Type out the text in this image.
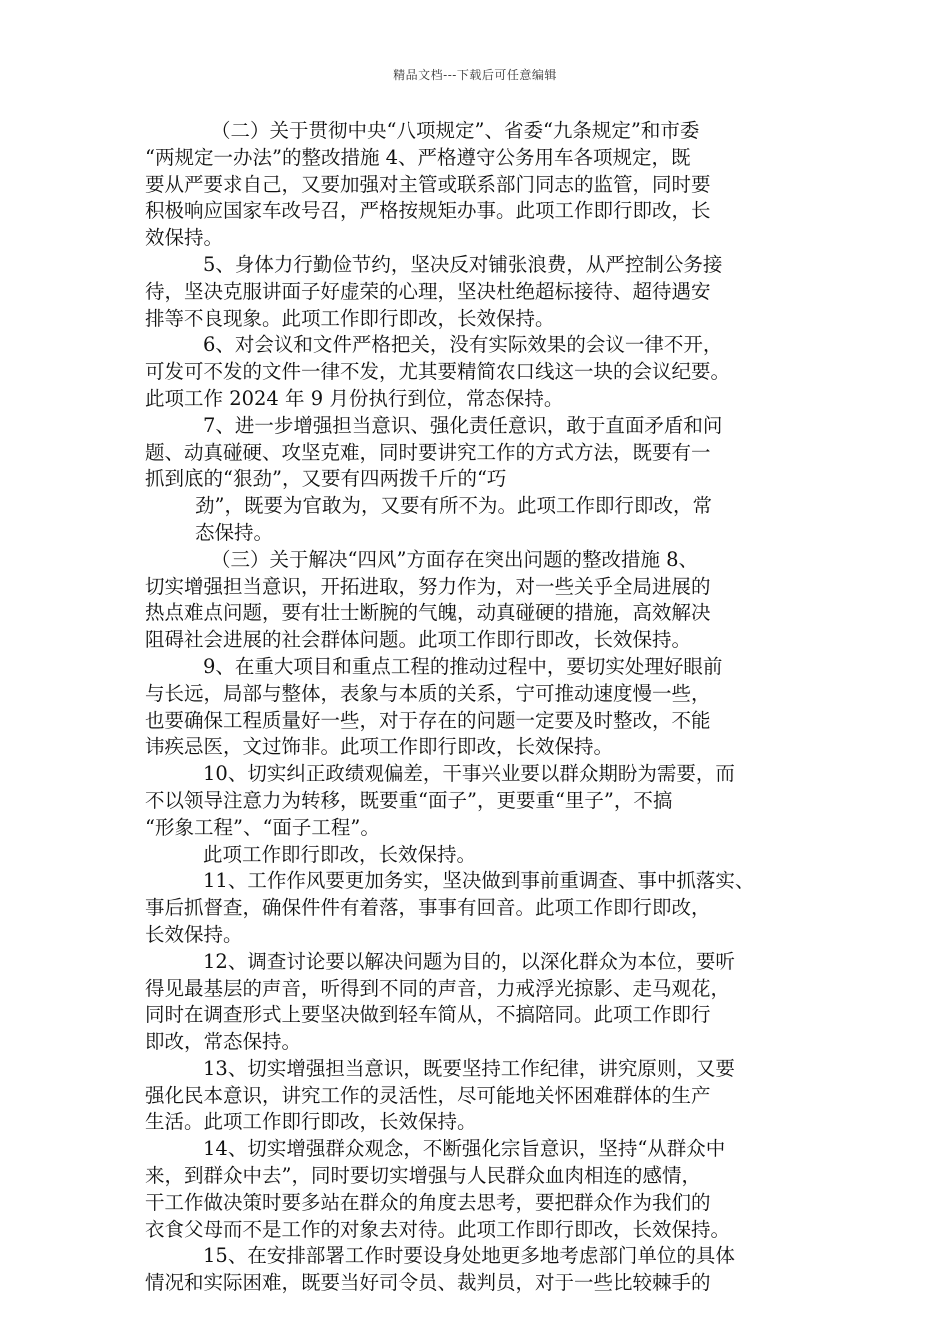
精品文档---下载后可任意编辑
（二）关于贯彻中央“八项规定”、省委“九条规定”和市委
“两规定一办法”的整改措施 4、严格遵守公务用车各项规定，既
要从严要求自己，又要加强对主管或联系部门同志的监管，同时要
积极响应国家车改号召，严格按规矩办事。此项工作即行即改，长
效保持。
5、身体力行勤俭节约，坚决反对铺张浪费，从严控制公务接
待，坚决克服讲面子好虚荣的心理，坚决杜绝超标接待、超待遇安
排等不良现象。此项工作即行即改，长效保持。
6、对会议和文件严格把关，没有实际效果的会议一律不开，
可发可不发的文件一律不发，尤其要精简农口线这一块的会议纪要。
此项工作 2024 年 9 月份执行到位，常态保持。
7、进一步增强担当意识、强化责任意识，敢于直面矛盾和问
题、动真碰硬、攻坚克难，同时要讲究工作的方式方法，既要有一
抓到底的“狠劲”，又要有四两拨千斤的“巧
劲”，既要为官敢为，又要有所不为。此项工作即行即改，常
态保持。
（三）关于解决“四风”方面存在突出问题的整改措施 8、
切实增强担当意识，开拓进取，努力作为，对一些关乎全局进展的
热点难点问题，要有壮士断腕的气魄，动真碰硬的措施，高效解决
阻碍社会进展的社会群体问题。此项工作即行即改，长效保持。
9、在重大项目和重点工程的推动过程中，要切实处理好眼前
与长远，局部与整体，表象与本质的关系，宁可推动速度慢一些，
也要确保工程质量好一些，对于存在的问题一定要及时整改，不能
讳疾忌医，文过饰非。此项工作即行即改，长效保持。
10、切实纠正政绩观偏差，干事兴业要以群众期盼为需要，而
不以领导注意力为转移，既要重“面子”，更要重“里子”，不搞
“形象工程”、“面子工程”。
此项工作即行即改，长效保持。
11、工作作风要更加务实，坚决做到事前重调查、事中抓落实、
事后抓督查，确保件件有着落，事事有回音。此项工作即行即改，
长效保持。
12、调查讨论要以解决问题为目的，以深化群众为本位，要听
得见最基层的声音，听得到不同的声音，力戒浮光掠影、走马观花，
同时在调查形式上要坚决做到轻车简从，不搞陪同。此项工作即行
即改，常态保持。
13、切实增强担当意识，既要坚持工作纪律，讲究原则，又要
强化民本意识，讲究工作的灵活性，尽可能地关怀困难群体的生产
生活。此项工作即行即改，长效保持。
14、切实增强群众观念，不断强化宗旨意识，坚持“从群众中
来，到群众中去”，同时要切实增强与人民群众血肉相连的感情，
干工作做决策时要多站在群众的角度去思考，要把群众作为我们的
衣食父母而不是工作的对象去对待。此项工作即行即改，长效保持。
15、在安排部署工作时要设身处地更多地考虑部门单位的具体
情况和实际困难，既要当好司令员、裁判员，对于一些比较棘手的
